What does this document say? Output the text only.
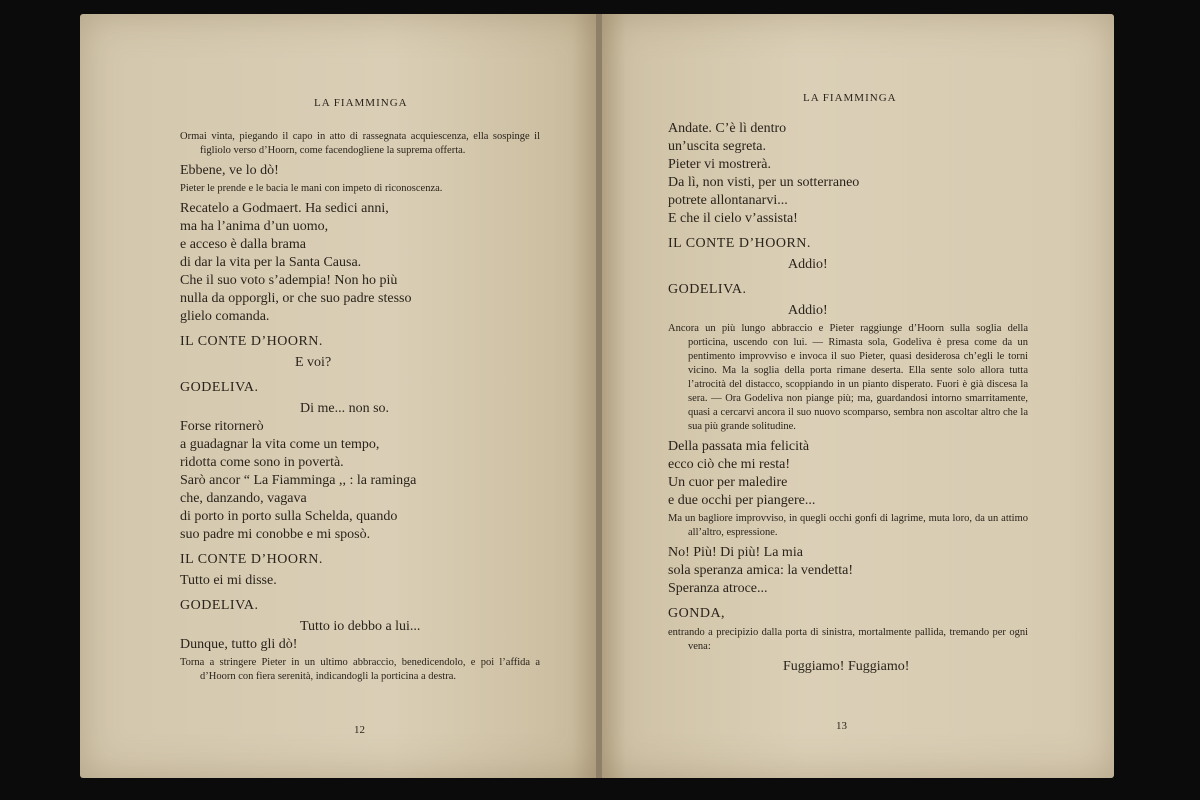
LA FIAMMINGA	LA FIAMMINGA

Ormai vinta, piegando il capo in atto di rassegnata acquiescenza, ella sospinge il figliolo verso d’Hoorn, come facendogliene la suprema offerta.

Ebbene, ve lo dò!

Pieter le prende e le bacia le mani con impeto di riconoscenza.

Recatelo a Godmaert. Ha sedici anni,

ma ha l’anima d’un uomo,

e acceso è dalla brama

di dar la vita per la Santa Causa.

Che il suo voto s’adempia! Non ho più

nulla da opporgli, or che suo padre stesso

glielo comanda.

IL CONTE D’HOORN.

E voi?

GODELIVA.

Di me... non so.

Forse ritornerò

a guadagnar la vita come un tempo,

ridotta come sono in povertà.

Sarò ancor “ La Fiamminga ,, : la raminga

che, danzando, vagava

di porto in porto sulla Schelda, quando

suo padre mi conobbe e mi sposò.

IL CONTE D’HOORN.

Tutto ei mi disse.

GODELIVA.

Tutto io debbo a lui...

Dunque, tutto gli dò!

Torna a stringere Pieter in un ultimo abbraccio, benedicendolo, e poi l’affida a d’Hoorn con fiera serenità, indicandogli la porticina a destra.

Andate. C’è lì dentro

un’uscita segreta.

Pieter vi mostrerà.

Da lì, non visti, per un sotterraneo

potrete allontanarvi...

E che il cielo v’assista!

IL CONTE D’HOORN.

Addio!

GODELIVA.

Addio!

Ancora un più lungo abbraccio e Pieter raggiunge d’Hoorn sulla soglia della porticina, uscendo con lui. — Rimasta sola, Godeliva è presa come da un pentimento improvviso e invoca il suo Pieter, quasi desiderosa ch’egli le torni vicino. Ma la soglia della porta rimane deserta. Ella sente solo allora tutta l’atrocità del distacco, scoppiando in un pianto disperato. Fuori è già discesa la sera. — Ora Godeliva non piange più; ma, guardandosi intorno smarritamente, quasi a cercarvi ancora il suo nuovo scomparso, sembra non ascoltar altro che la sua più grande solitudine.

Della passata mia felicità

ecco ciò che mi resta!

Un cuor per maledire

e due occhi per piangere...

Ma un bagliore improvviso, in quegli occhi gonfi di lagrime, muta loro, da un attimo all’altro, espressione.

No! Più! Di più! La mia

sola speranza amica: la vendetta!

Speranza atroce...

GONDA,

entrando a precipizio dalla porta di sinistra, mortalmente pallida, tremando per ogni vena:

Fuggiamo! Fuggiamo!

12	13
